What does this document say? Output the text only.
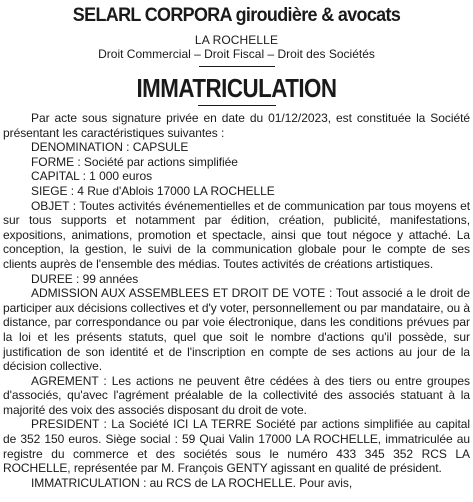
SELARL CORPORA giroudière & avocats
LA ROCHELLE
Droit Commercial – Droit Fiscal – Droit des Sociétés
IMMATRICULATION

Par acte sous signature privée en date du 01/12/2023, est constituée la Société présentant les caractéristiques suivantes :

DENOMINATION : CAPSULE

FORME : Société par actions simplifiée

CAPITAL : 1 000 euros

SIEGE : 4 Rue d'Ablois 17000 LA ROCHELLE

OBJET : Toutes activités événementielles et de communication par tous moyens et sur tous supports et notamment par édition, création, publicité, manifestations, expositions, animations, promotion et spectacle, ainsi que tout négoce y attaché. La conception, la gestion, le suivi de la communication globale pour le compte de ses clients auprès de l'ensemble des médias. Toutes activités de créations artistiques.

DUREE : 99 années

ADMISSION AUX ASSEMBLEES ET DROIT DE VOTE : Tout associé a le droit de participer aux décisions collectives et d'y voter, personnellement ou par mandataire, ou à distance, par correspondance ou par voie électronique, dans les conditions prévues par la loi et les présents statuts, quel que soit le nombre d'actions qu'il possède, sur justification de son identité et de l'inscription en compte de ses actions au jour de la décision collective.

AGREMENT : Les actions ne peuvent être cédées à des tiers ou entre groupes d'associés, qu'avec l'agrément préalable de la collectivité des associés statuant à la majorité des voix des associés disposant du droit de vote.

PRESIDENT : La Société ICI LA TERRE Société par actions simplifiée au capital de 352 150 euros. Siège social : 59 Quai Valin 17000 LA ROCHELLE, immatriculée au registre du commerce et des sociétés sous le numéro 433 345 352 RCS LA ROCHELLE, représentée par M. François GENTY agissant en qualité de président.

IMMATRICULATION : au RCS de LA ROCHELLE. Pour avis,
